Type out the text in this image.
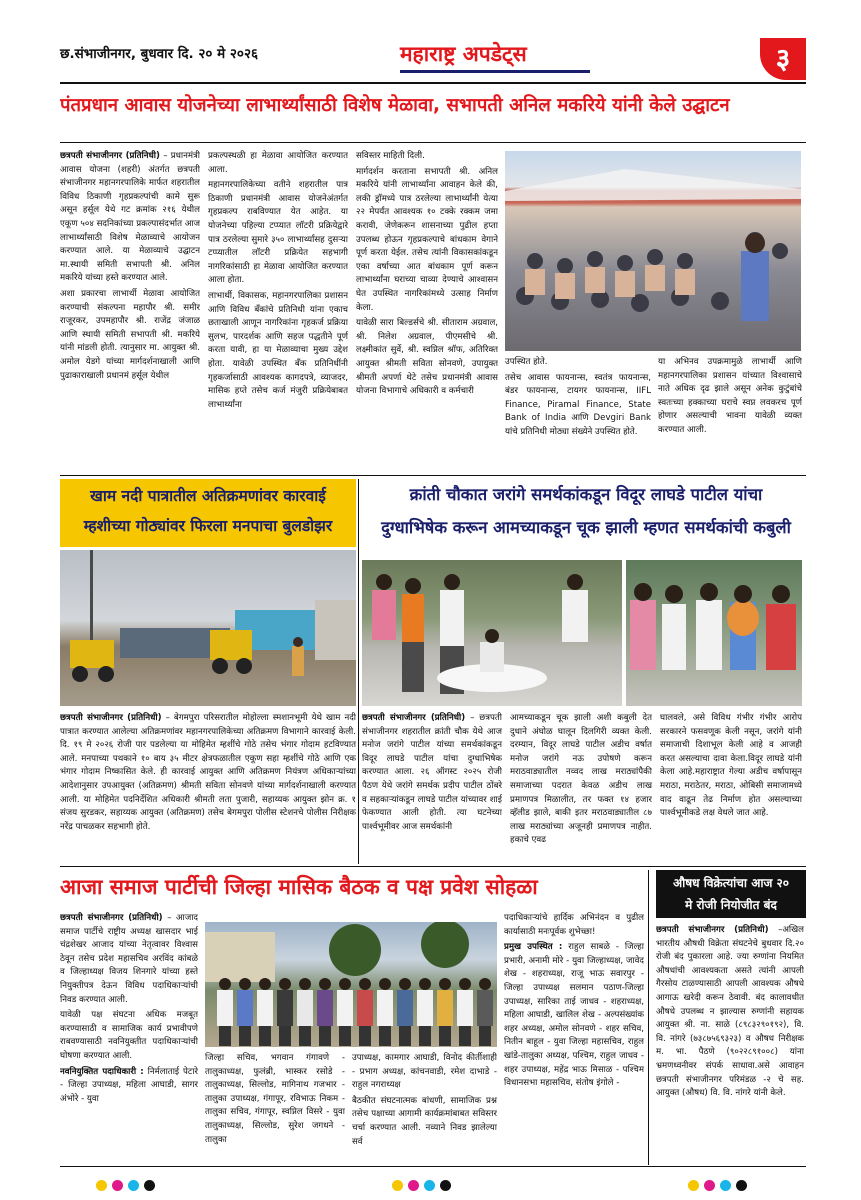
छ.संभाजीनगर, बुधवार दि. २० मे २०२६	महाराष्ट्र अपडेट्स	३
पंतप्रधान आवास योजनेच्या लाभार्थ्यांसाठी विशेष मेळावा, सभापती अनिल मकरिये यांनी केले उद्घाटन

छत्रपती संभाजीनगर (प्रतिनिधी) – प्रधानमंत्री आवास योजना (शहरी) अंतर्गत छत्रपती संभाजीनगर महानगरपालिके मार्फत शहरातील विविध ठिकाणी गृहप्रकल्पांची कामे सुरू असून हर्सूल येथे गट क्रमांक २१६ येथील एकूण ५०४ सदनिकांच्या प्रकल्पासंदर्भात आज लाभार्थ्यांसाठी विशेष मेळाव्याचे आयोजन करण्यात आले. या मेळाव्याचे उद्घाटन मा.स्थायी समिती सभापती श्री. अनिल मकरिये यांच्या हस्ते करण्यात आले.

अशा प्रकारचा लाभार्थी मेळावा आयोजित करण्याची संकल्पना महापौर श्री. समीर राजूरकर, उपमहापौर श्री. राजेंद्र जंजाळ आणि स्थायी समिती सभापती श्री. मकरिये यांनी मांडली होती. त्यानुसार मा. आयुक्त श्री. अमोल येडगे यांच्या मार्गदर्शनाखाली आणि पुढाकाराखाली प्रधानमं हर्सूल येथील

प्रकल्पस्थळी हा मेळावा आयोजित करण्यात आला.

महानगरपालिकेच्या वतीने शहरातील पात्र ठिकाणी प्रधानमंत्री आवास योजनेअंतर्गत गृहप्रकल्प राबविण्यात येत आहेत. या योजनेच्या पहिल्या टप्प्यात लॉटरी प्रक्रियेद्वारे पात्र ठरलेल्या सुमारे ३५० लाभार्थ्यांसह दुसऱ्या टप्प्यातील लॉटरी प्रक्रियेत सहभागी नागरिकांसाठी हा मेळावा आयोजित करण्यात आला होता.

लाभार्थी, विकासक, महानगरपालिका प्रशासन आणि विविध बँकांचे प्रतिनिधी यांना एकाच छताखाली आणून नागरिकांना गृहकर्ज प्रक्रिया सुलभ, पारदर्शक आणि सहज पद्धतीने पूर्ण करता यावी, हा या मेळाव्याचा मुख्य उद्देश होता. यावेळी उपस्थित बँक प्रतिनिधींनी गृहकर्जासाठी आवश्यक कागदपत्रे, व्याजदर, मासिक हप्ते तसेच कर्ज मंजुरी प्रक्रियेबाबत लाभार्थ्यांना

सविस्तर माहिती दिली.

मार्गदर्शन करताना सभापती श्री. अनिल मकरिये यांनी लाभार्थ्यांना आवाहन केले की, लकी ड्रॉमध्ये पात्र ठरलेल्या लाभार्थ्यांनी येत्या २२ मेपर्यंत आवश्यक १० टक्के रक्कम जमा करावी, जेणेकरून शासनाच्या पुढील हप्ता उपलब्ध होऊन गृहप्रकल्पाचे बांधकाम वेगाने पूर्ण करता येईल. तसेच त्यांनी विकासकांकडून एका वर्षाच्या आत बांधकाम पूर्ण करून लाभार्थ्यांना घराच्या चाव्या देण्याचे आश्वासन घेत उपस्थित नागरिकांमध्ये उत्साह निर्माण केला.

यावेळी सारा बिल्डर्सचे श्री. सीताराम अग्रवाल, श्री. निलेश अग्रवाल, पीएमसीचे श्री. लक्ष्मीकांत सुर्वे, श्री. स्वप्निल श्रॉफ, अतिरिक्त आयुक्त श्रीमती सविता सोनवणे, उपायुक्त श्रीमती अपर्णा थेटे तसेच प्रधानमंत्री आवास योजना विभागाचे अधिकारी व कर्मचारी

उपस्थित होते.

तसेच आवास फायनान्स, स्वतंत्र फायनान्स, बंडर फायनान्स, टायगर फायनान्स, IIFL Finance, Piramal Finance, State Bank of India आणि Devgiri Bank यांचे प्रतिनिधी मोठ्या संख्येने उपस्थित होते.

या अभिनव उपक्रमामुळे लाभार्थी आणि महानगरपालिका प्रशासन यांच्यात विश्वासाचे नाते अधिक दृढ झाले असून अनेक कुटुंबांचे स्वतःच्या हक्काच्या घराचे स्वप्न लवकरच पूर्ण होणार असल्याची भावना यावेळी व्यक्त करण्यात आली.

खाम नदी पात्रातील अतिक्रमणांवर कारवाई
म्हशीच्या गोठ्यांवर फिरला मनपाचा बुलडोझर

छत्रपती संभाजीनगर (प्रतिनिधी) – बेगमपुरा परिसरातील मोहोल्ला स्मशानभूमी येथे खाम नदी पात्रात करण्यात आलेल्या अतिक्रमणांवर महानगरपालिकेच्या अतिक्रमण विभागाने कारवाई केली. दि. १९ मे २०२६ रोजी पार पडलेल्या या मोहिमेत म्हशींचे गोठे तसेच भंगार गोदाम हटविण्यात आले. मनपाच्या पथकाने १० बाय ३५ मीटर क्षेत्रफळातील एकूण सहा म्हशींचे गोठे आणि एक भंगार गोदाम निष्कासित केले. ही कारवाई आयुक्त आणि अतिक्रमण नियंत्रण अधिकाऱ्यांच्या आदेशानुसार उपआयुक्त (अतिक्रमण) श्रीमती सविता सोनवणे यांच्या मार्गदर्शनाखाली करण्यात आली. या मोहिमेत पदनिर्देशित अधिकारी श्रीमती लता पुजारी, सहाय्यक आयुक्त झोन क्र. १ संजय सुरडकर, सहाय्यक आयुक्त (अतिक्रमण) तसेच बेगमपुरा पोलीस स्टेशनचे पोलीस निरीक्षक नरेंद्र पाचळकर सहभागी होते.

क्रांती चौकात जरांगे समर्थकांकडून विदूर लाघडे पाटील यांचा
दुग्धाभिषेक करून आमच्याकडून चूक झाली म्हणत समर्थकांची कबुली

छत्रपती संभाजीनगर (प्रतिनिधी) – छत्रपती संभाजीनगर शहरातील क्रांती चौक येथे आज मनोज जरांगे पाटील यांच्या समर्थकांकडून विदूर लाघडे पाटील यांचा दुग्धाभिषेक करण्यात आला. २६ ऑगस्ट २०२५ रोजी पैठण येथे जरांगे समर्थक प्रदीप पाटील ठोंबरे व सहकाऱ्यांकडून लाघडे पाटील यांच्यावर शाई फेकण्यात आली होती. त्या घटनेच्या पार्श्वभूमीवर आज समर्थकांनी

आमच्याकडून चूक झाली अशी कबुली देत दुधाने अंघोळ घालून दिलगिरी व्यक्त केली. दरम्यान, विदूर लाघडे पाटील अडीच वर्षात मनोज जरांगे नऊ उपोषणे करून मराठवाड्यातील नव्वद लाख मराठ्यांपैकी समाजाच्या पदरात केवळ अडीच लाख प्रमाणपत्र मिळालीत, तर फक्त १४ हजार व्हॅलीड झाले, बाकी इतर मराठवाड्यातील ८७ लाख मराठ्यांच्या अजूनही प्रमाणपत्र नाहीत. हकाचे एवढ

घालवले, असे विविध गंभीर गंभीर आरोप सरकारने फसवणूक केली नसून, जरांगे यांनी समाजाची दिशाभूल केली आहे व आजही करत असल्याचा दावा केला.विदूर लाघडे यांनी केला आहे.महाराष्ट्रात गेल्या अडीच वर्षापासून मराठा, मराठेतर, मराठा, ओबिसी समाजामध्ये वाद वाढून तेढ निर्माण होत असल्याच्या पार्श्वभूमीकडे लक्ष वेधले जात आहे.

आजा समाज पार्टीची जिल्हा मासिक बैठक व पक्ष प्रवेश सोहळा

छत्रपती संभाजीनगर (प्रतिनिधी) – आजाद समाज पार्टीचे राष्ट्रीय अध्यक्ष खासदार भाई चंद्रशेखर आजाद यांच्या नेतृत्वावर विश्वास ठेवून तसेच प्रदेश महासचिव अरविंद कांबळे व जिल्हाध्यक्ष विजय शिनगारे यांच्या हस्ते नियुक्तीपत्र देऊन विविध पदाधिकाऱ्यांची निवड करण्यात आली.

यावेळी पक्ष संघटना अधिक मजबूत करण्यासाठी व सामाजिक कार्य प्रभावीपणे राबवण्यासाठी नवनियुक्तीत पदाधिकाऱ्यांची घोषणा करण्यात आली.

नवनियुक्तित पदाधिकारी : निर्मलाताई पेटारे - जिल्हा उपाध्यक्ष, महिला आघाडी, सागर अंभोरे - युवा

जिल्हा सचिव, भगवान गंगावणे - तालुकाध्यक्ष, फुलंब्री, भास्कर रसोडे - तालुकाध्यक्ष, सिल्लोड, मागिनाथ गजभार - तालुका उपाध्यक्ष, गंगापूर, रविभाऊ निकम - तालुका सचिव, गंगापूर, स्वप्निल विसरे - युवा तालुकाध्यक्ष, सिल्लोड, सुरेश जगधने - तालुका

उपाध्यक्ष, कामगार आघाडी, विनोद कीर्तीशाही - प्रभाग अध्यक्ष, कांचनवाडी, रमेश दाभाडे - राहुल नगराध्यक्ष

बैठकीत संघटनात्मक बांधणी, सामाजिक प्रश्न तसेच पक्षाच्या आगामी कार्यक्रमांबाबत सविस्तर चर्चा करण्यात आली. नव्याने निवड झालेल्या सर्व

पदाधिकाऱ्यांचे हार्दिक अभिनंदन व पुढील कार्यासाठी मनःपूर्वक शुभेच्छा!

प्रमुख उपस्थित : राहुल साबळे - जिल्हा प्रभारी, अनामी मोरे - युवा जिल्हाध्यक्ष, जावेद शेख - शहराध्यक्ष, राजू भाऊ सवारपुर - जिल्हा उपाध्यक्ष सलमान पठाण-जिल्हा उपाध्यक्ष, सारिका ताई जाधव - शहराध्यक्ष, महिला आघाडी, खालिल शेख - अल्पसंख्यांक शहर अध्यक्ष, अमोल सोनवणे - शहर सचिव, नितीन बाहूल - युवा जिल्हा महासचिव, राहुल खांडे-तालुका अध्यक्ष, पश्चिम, राहुल जाधव - शहर उपाध्यक्ष, महेंद्र भाऊ मिसाळ - पश्चिम विधानसभा महासचिव, संतोष इंगोले -

औषध विक्रेत्यांचा आज २०
मे रोजी नियोजीत बंद

छत्रपती संभाजीनगर (प्रतिनिधी) –अखिल भारतीय औषधी विक्रेता संघटनेचे बुधवार दि.२० रोजी बंद पुकारला आहे. ज्या रुग्णांना नियमित औषधांची आवश्यकता असते त्यांनी आपली गैरसोय टाळण्यासाठी आपली आवश्यक औषधे आगाऊ खरेदी करून ठेवावी. बंद कालावधीत औषधे उपलब्ध न झाल्यास रुग्णांनी सहायक आयुक्त श्री. ना. साळे (८९८३२९०१९२), वि. वि. नांगरे (७३८७५६९३२३) व औषध निरीक्षक म. भा. पैठणे (९०२२८९१००८) यांना भ्रमणध्वनीवर संपर्क साधावा.असे आवाहन छत्रपती संभाजीनगर परिमंडळ -२ चे सह. आयुक्त (औषध) वि. वि. नांगरे यांनी केले.
